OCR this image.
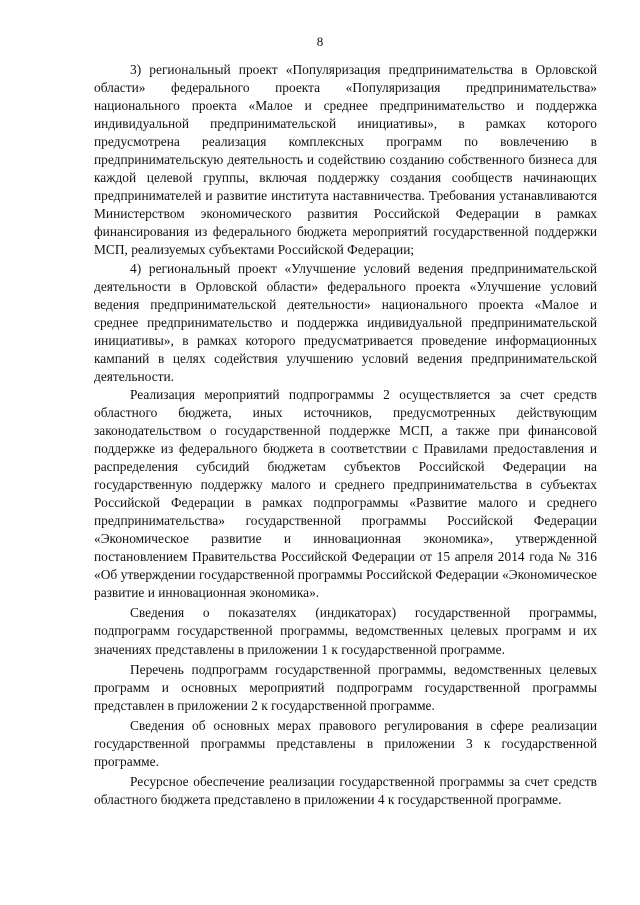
8

3) региональный проект «Популяризация предпринимательства в Орловской области» федерального проекта «Популяризация предпринимательства» национального проекта «Малое и среднее предпринимательство и поддержка индивидуальной предпринимательской инициативы», в рамках которого предусмотрена реализация комплексных программ по вовлечению в предпринимательскую деятельность и содействию созданию собственного бизнеса для каждой целевой группы, включая поддержку создания сообществ начинающих предпринимателей и развитие института наставничества. Требования устанавливаются Министерством экономического развития Российской Федерации в рамках финансирования из федерального бюджета мероприятий государственной поддержки МСП, реализуемых субъектами Российской Федерации;

4) региональный проект «Улучшение условий ведения предпринимательской деятельности в Орловской области» федерального проекта «Улучшение условий ведения предпринимательской деятельности» национального проекта «Малое и среднее предпринимательство и поддержка индивидуальной предпринимательской инициативы», в рамках которого предусматривается проведение информационных кампаний в целях содействия улучшению условий ведения предпринимательской деятельности.

Реализация мероприятий подпрограммы 2 осуществляется за счет средств областного бюджета, иных источников, предусмотренных действующим законодательством о государственной поддержке МСП, а также при финансовой поддержке из федерального бюджета в соответствии с Правилами предоставления и распределения субсидий бюджетам субъектов Российской Федерации на государственную поддержку малого и среднего предпринимательства в субъектах Российской Федерации в рамках подпрограммы «Развитие малого и среднего предпринимательства» государственной программы Российской Федерации «Экономическое развитие и инновационная экономика», утвержденной постановлением Правительства Российской Федерации от 15 апреля 2014 года № 316 «Об утверждении государственной программы Российской Федерации «Экономическое развитие и инновационная экономика».

Сведения о показателях (индикаторах) государственной программы, подпрограмм государственной программы, ведомственных целевых программ и их значениях представлены в приложении 1 к государственной программе.

Перечень подпрограмм государственной программы, ведомственных целевых программ и основных мероприятий подпрограмм государственной программы представлен в приложении 2 к государственной программе.

Сведения об основных мерах правового регулирования в сфере реализации государственной программы представлены в приложении 3 к государственной программе.

Ресурсное обеспечение реализации государственной программы за счет средств областного бюджета представлено в приложении 4 к государственной программе.
